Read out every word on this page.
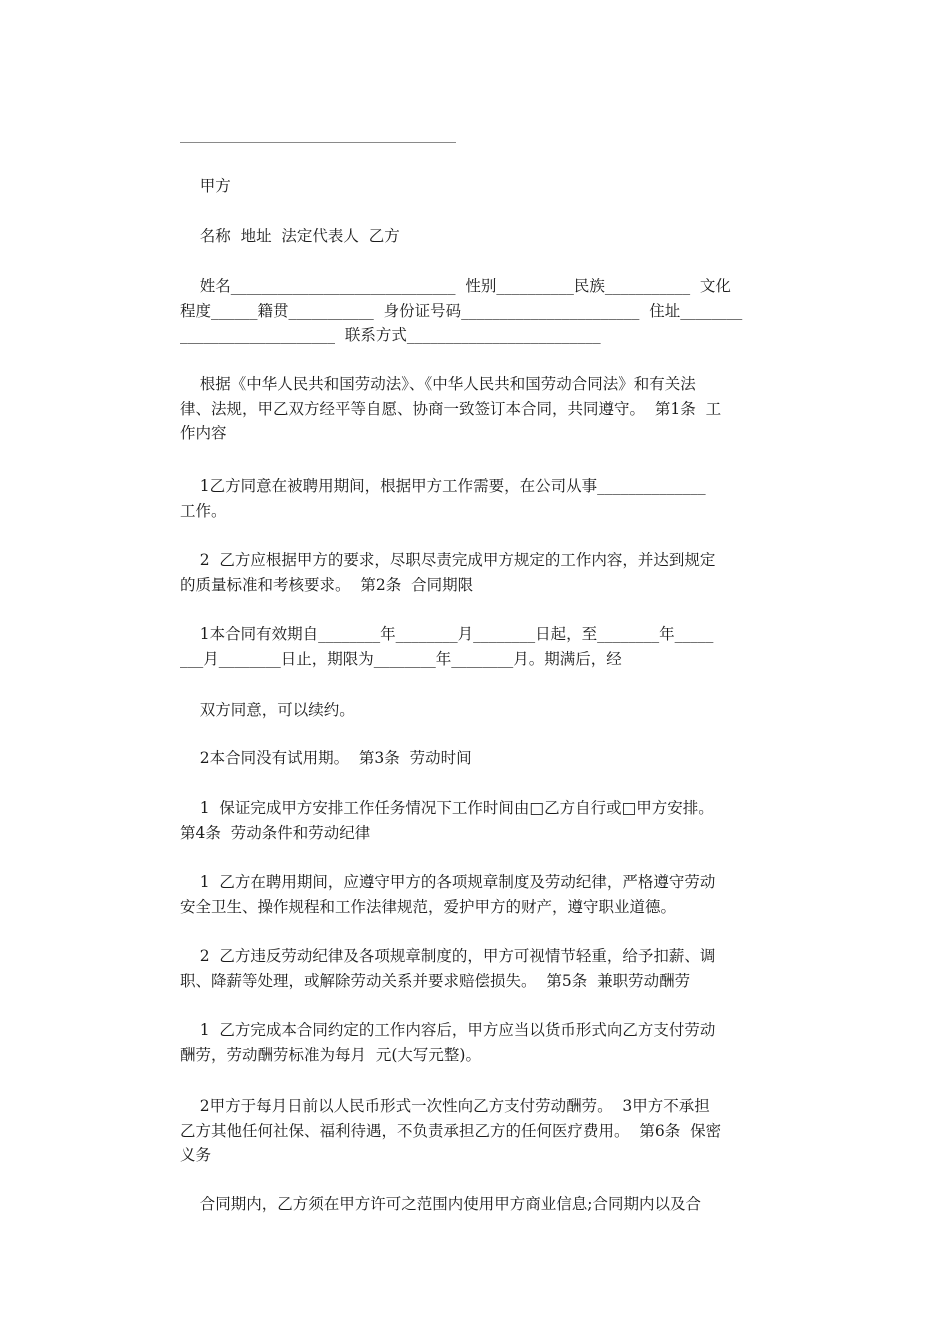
甲方

名称  地址  法定代表人  乙方

姓名_____________________________  性别__________民族___________  文化
程度______籍贯___________  身份证号码_______________________  住址________
____________________  联系方式_________________________

根据《中华人民共和国劳动法》、《中华人民共和国劳动合同法》和有关法
律、法规，甲乙双方经平等自愿、协商一致签订本合同，共同遵守。  第1条  工
作内容

1乙方同意在被聘用期间，根据甲方工作需要，在公司从事______________
工作。

2  乙方应根据甲方的要求，尽职尽责完成甲方规定的工作内容，并达到规定
的质量标准和考核要求。  第2条  合同期限

1本合同有效期自________年________月________日起，至________年_____
___月________日止，期限为________年________月。期满后，经

双方同意，可以续约。

2本合同没有试用期。  第3条  劳动时间

1  保证完成甲方安排工作任务情况下工作时间由□乙方自行或□甲方安排。
第4条  劳动条件和劳动纪律

1  乙方在聘用期间，应遵守甲方的各项规章制度及劳动纪律，严格遵守劳动
安全卫生、操作规程和工作法律规范，爱护甲方的财产，遵守职业道德。

2  乙方违反劳动纪律及各项规章制度的，甲方可视情节轻重，给予扣薪、调
职、降薪等处理，或解除劳动关系并要求赔偿损失。  第5条  兼职劳动酬劳

1  乙方完成本合同约定的工作内容后，甲方应当以货币形式向乙方支付劳动
酬劳，劳动酬劳标准为每月  元(大写元整)。

2甲方于每月日前以人民币形式一次性向乙方支付劳动酬劳。  3甲方不承担
乙方其他任何社保、福利待遇，不负责承担乙方的任何医疗费用。  第6条  保密
义务

合同期内，乙方须在甲方许可之范围内使用甲方商业信息;合同期内以及合
